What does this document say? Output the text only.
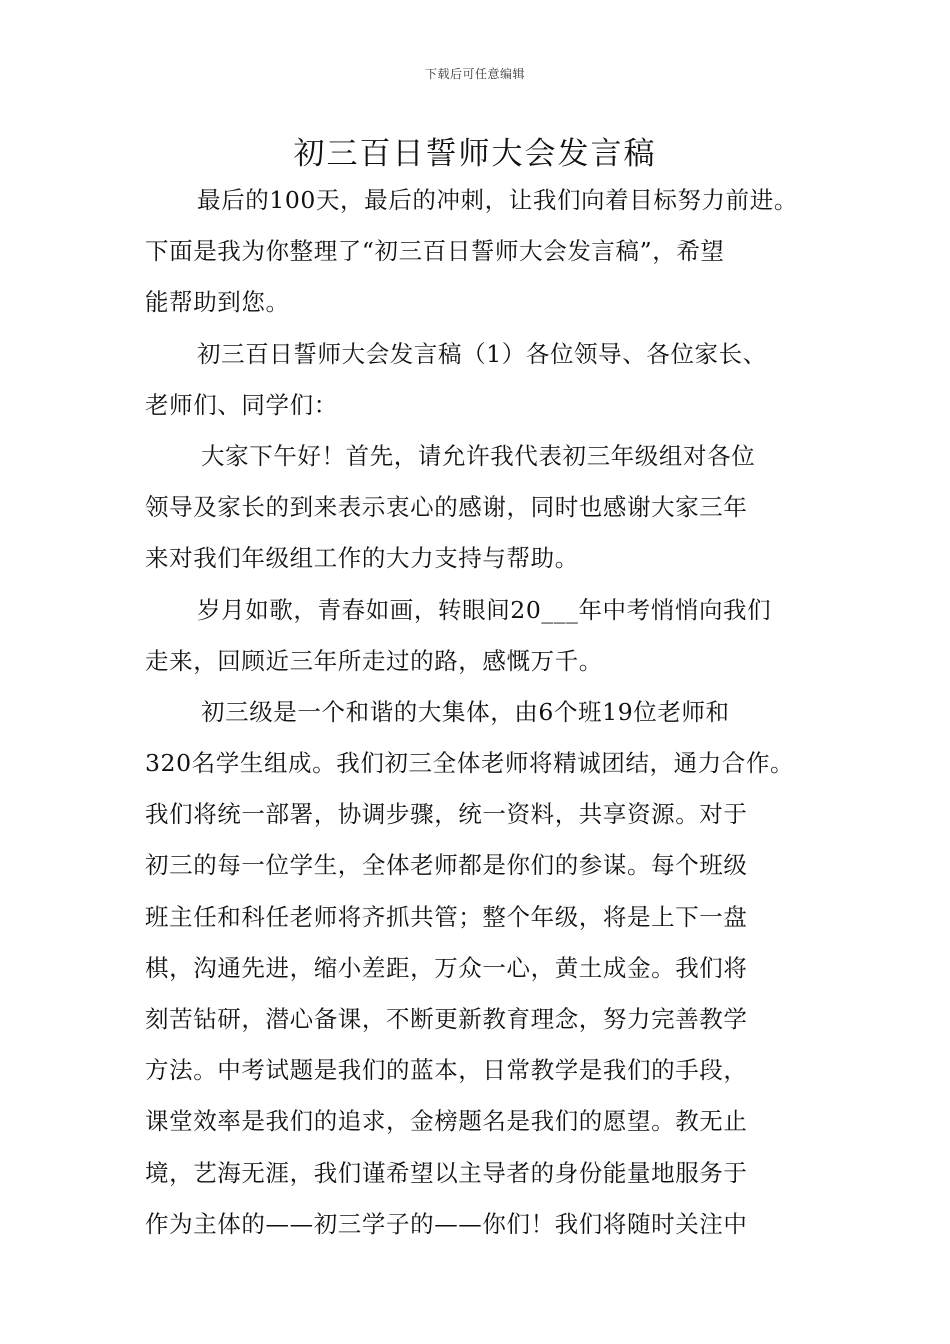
下载后可任意编辑
初三百日誓师大会发言稿
最后的100天，最后的冲刺，让我们向着目标努力前进。
下面是我为你整理了“初三百日誓师大会发言稿”，希望
能帮助到您。
初三百日誓师大会发言稿（1）各位领导、各位家长、
老师们、同学们：
大家下午好！首先，请允许我代表初三年级组对各位
领导及家长的到来表示衷心的感谢，同时也感谢大家三年
来对我们年级组工作的大力支持与帮助。
岁月如歌，青春如画，转眼间20___年中考悄悄向我们
走来，回顾近三年所走过的路，感慨万千。
初三级是一个和谐的大集体，由6个班19位老师和
320名学生组成。我们初三全体老师将精诚团结，通力合作。
我们将统一部署，协调步骤，统一资料，共享资源。对于
初三的每一位学生，全体老师都是你们的参谋。每个班级
班主任和科任老师将齐抓共管；整个年级，将是上下一盘
棋，沟通先进，缩小差距，万众一心，黄土成金。我们将
刻苦钻研，潜心备课，不断更新教育理念，努力完善教学
方法。中考试题是我们的蓝本，日常教学是我们的手段，
课堂效率是我们的追求，金榜题名是我们的愿望。教无止
境，艺海无涯，我们谨希望以主导者的身份能量地服务于
作为主体的——初三学子的——你们！我们将随时关注中
